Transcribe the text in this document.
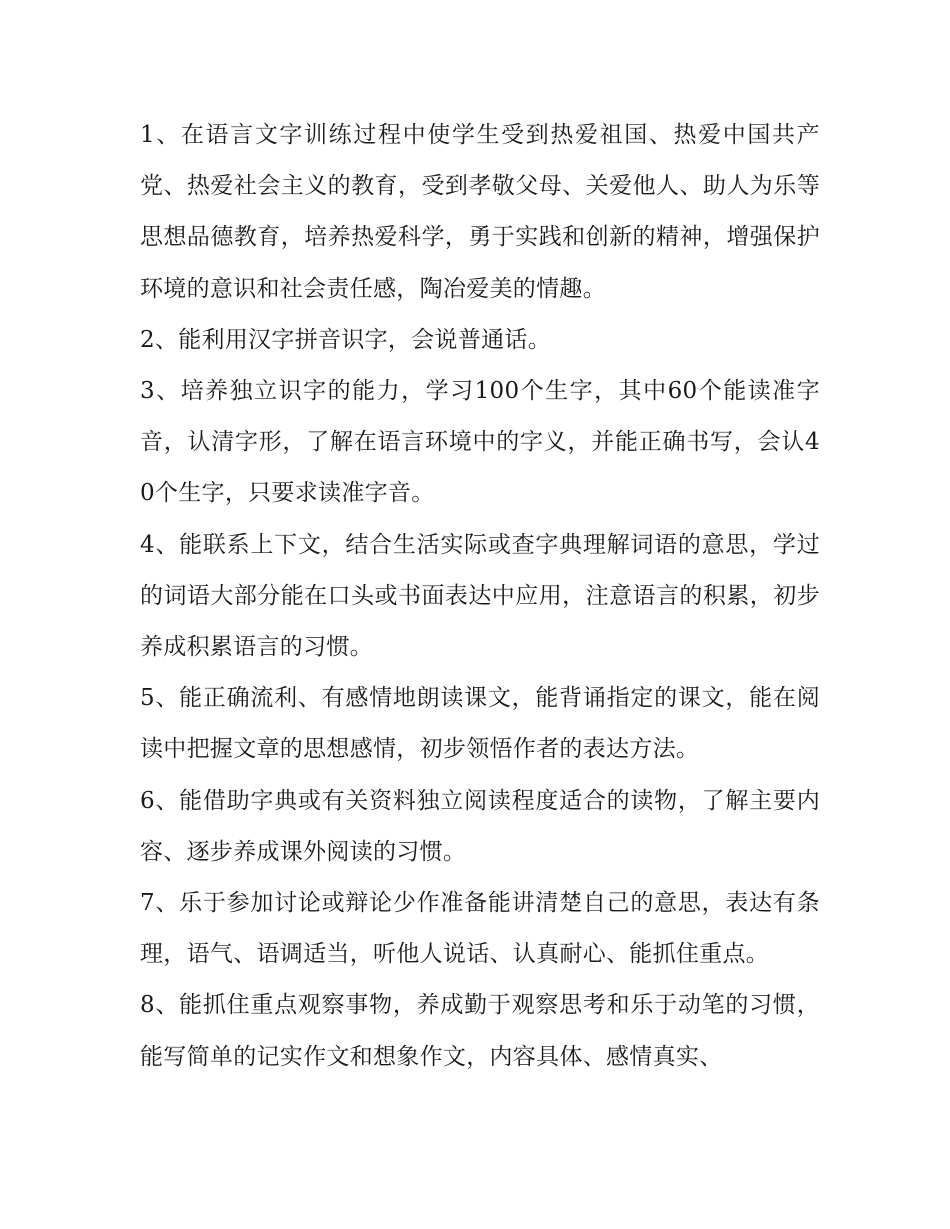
1、在语言文字训练过程中使学生受到热爱祖国、热爱中国共产党、热爱社会主义的教育，受到孝敬父母、关爱他人、助人为乐等思想品德教育，培养热爱科学，勇于实践和创新的精神，增强保护环境的意识和社会责任感，陶冶爱美的情趣。

2、能利用汉字拼音识字，会说普通话。

3、培养独立识字的能力，学习100个生字，其中60个能读准字音，认清字形，了解在语言环境中的字义，并能正确书写，会认40个生字，只要求读准字音。

4、能联系上下文，结合生活实际或查字典理解词语的意思，学过的词语大部分能在口头或书面表达中应用，注意语言的积累，初步养成积累语言的习惯。

5、能正确流利、有感情地朗读课文，能背诵指定的课文，能在阅读中把握文章的思想感情，初步领悟作者的表达方法。

6、能借助字典或有关资料独立阅读程度适合的读物，了解主要内容、逐步养成课外阅读的习惯。

7、乐于参加讨论或辩论少作准备能讲清楚自己的意思，表达有条理，语气、语调适当，听他人说话、认真耐心、能抓住重点。

8、能抓住重点观察事物，养成勤于观察思考和乐于动笔的习惯，能写简单的记实作文和想象作文，内容具体、感情真实、
